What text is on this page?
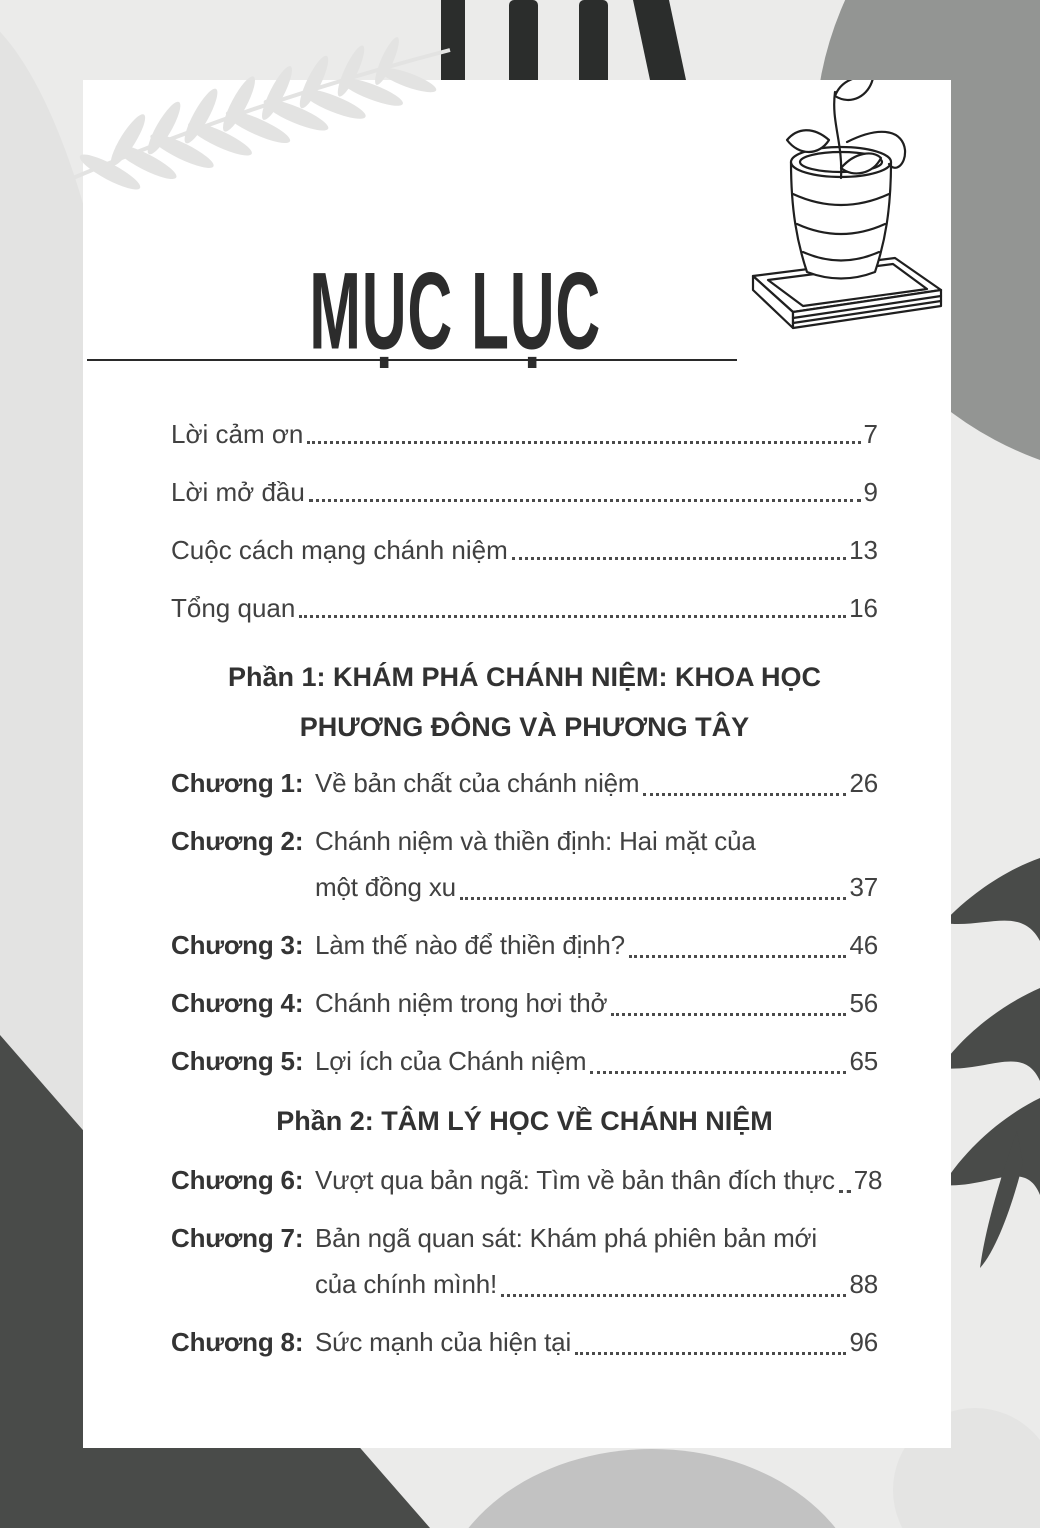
MỤC LỤC
Lời cảm ơn	7
Lời mở đầu	9
Cuộc cách mạng chánh niệm	13
Tổng quan	16
Phần 1: KHÁM PHÁ CHÁNH NIỆM: KHOA HỌC
PHƯƠNG ĐÔNG VÀ PHƯƠNG TÂY
Chương 1: Về bản chất của chánh niệm	26
Chương 2: Chánh niệm và thiền định: Hai mặt của
một đồng xu	37
Chương 3: Làm thế nào để thiền định?	46
Chương 4: Chánh niệm trong hơi thở	56
Chương 5: Lợi ích của Chánh niệm	65
Phần 2: TÂM LÝ HỌC VỀ CHÁNH NIỆM
Chương 6: Vượt qua bản ngã: Tìm về bản thân đích thực 78
Chương 7: Bản ngã quan sát: Khám phá phiên bản mới
của chính mình!	88
Chương 8: Sức mạnh của hiện tại	96
